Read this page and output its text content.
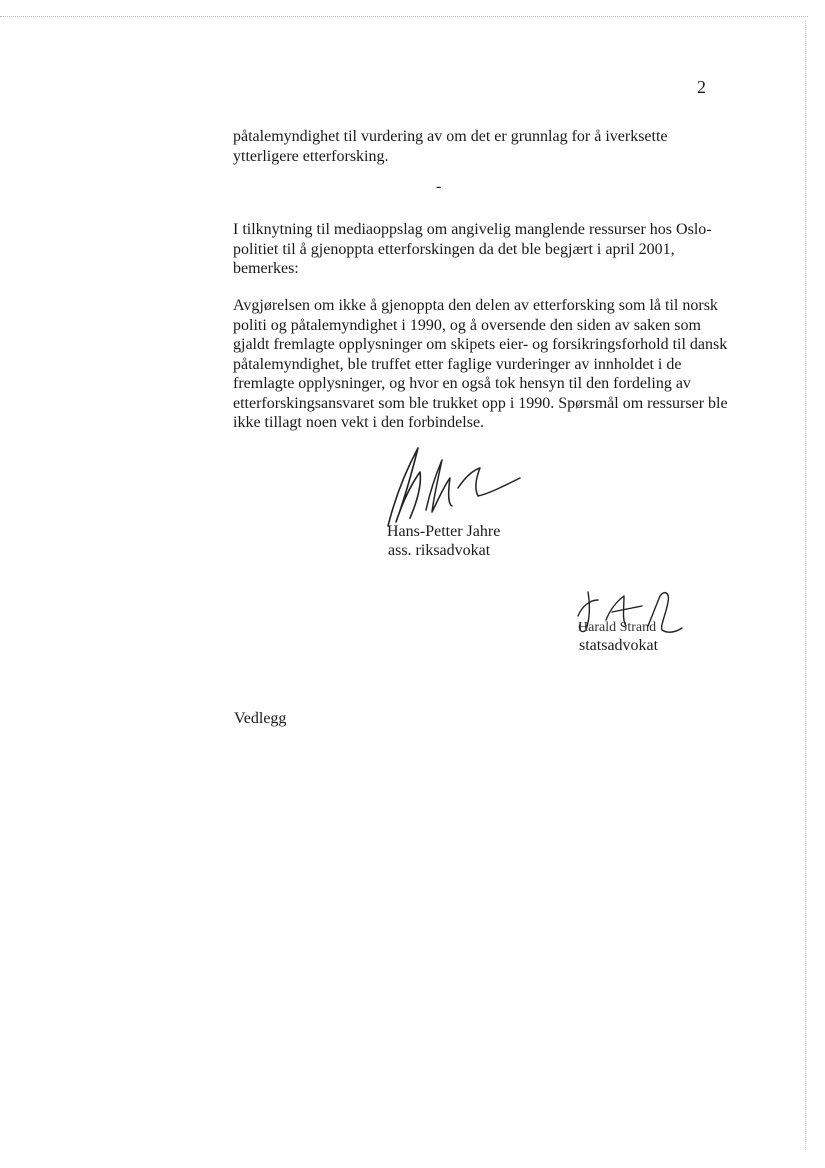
2
påtalemyndighet til vurdering av om det er grunnlag for å iverksette ytterligere etterforsking.
-
I tilknytning til mediaoppslag om angivelig manglende ressurser hos Oslo-politiet til å gjenoppta etterforskingen da det ble begjært i april 2001, bemerkes:
Avgjørelsen om ikke å gjenoppta den delen av etterforsking som lå til norsk politi og påtalemyndighet i 1990, og å oversende den siden av saken som gjaldt fremlagte opplysninger om skipets eier- og forsikringsforhold til dansk påtalemyndighet, ble truffet etter faglige vurderinger av innholdet i de fremlagte opplysninger, og hvor en også tok hensyn til den fordeling av etterforskingsansvaret som ble trukket opp i 1990. Spørsmål om ressurser ble ikke tillagt noen vekt i den forbindelse.
Hans-Petter Jahre
ass. riksadvokat
Harald Strand
statsadvokat
Vedlegg
